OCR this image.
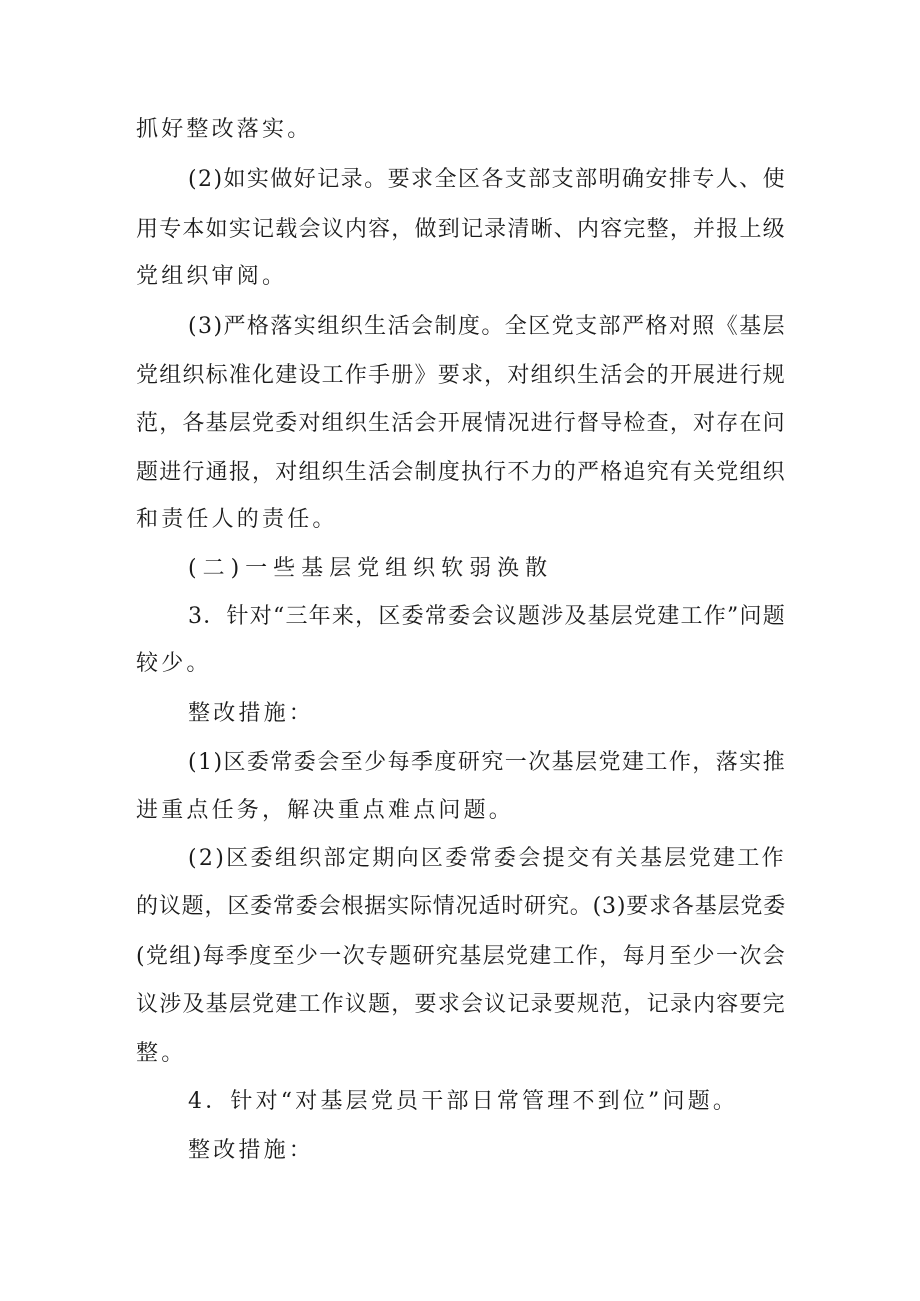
抓好整改落实。
(2)如实做好记录。要求全区各支部支部明确安排专人、使
用专本如实记载会议内容，做到记录清晰、内容完整，并报上级
党组织审阅。
(3)严格落实组织生活会制度。全区党支部严格对照《基层
党组织标准化建设工作手册》要求，对组织生活会的开展进行规
范，各基层党委对组织生活会开展情况进行督导检查，对存在问
题进行通报，对组织生活会制度执行不力的严格追究有关党组织
和责任人的责任。
(二)一些基层党组织软弱涣散
3．针对“三年来，区委常委会议题涉及基层党建工作”问题
较少。
整改措施：
(1)区委常委会至少每季度研究一次基层党建工作，落实推
进重点任务，解决重点难点问题。
(2)区委组织部定期向区委常委会提交有关基层党建工作
的议题，区委常委会根据实际情况适时研究。(3)要求各基层党委
(党组)每季度至少一次专题研究基层党建工作，每月至少一次会
议涉及基层党建工作议题，要求会议记录要规范，记录内容要完
整。
4．针对“对基层党员干部日常管理不到位”问题。
整改措施：
